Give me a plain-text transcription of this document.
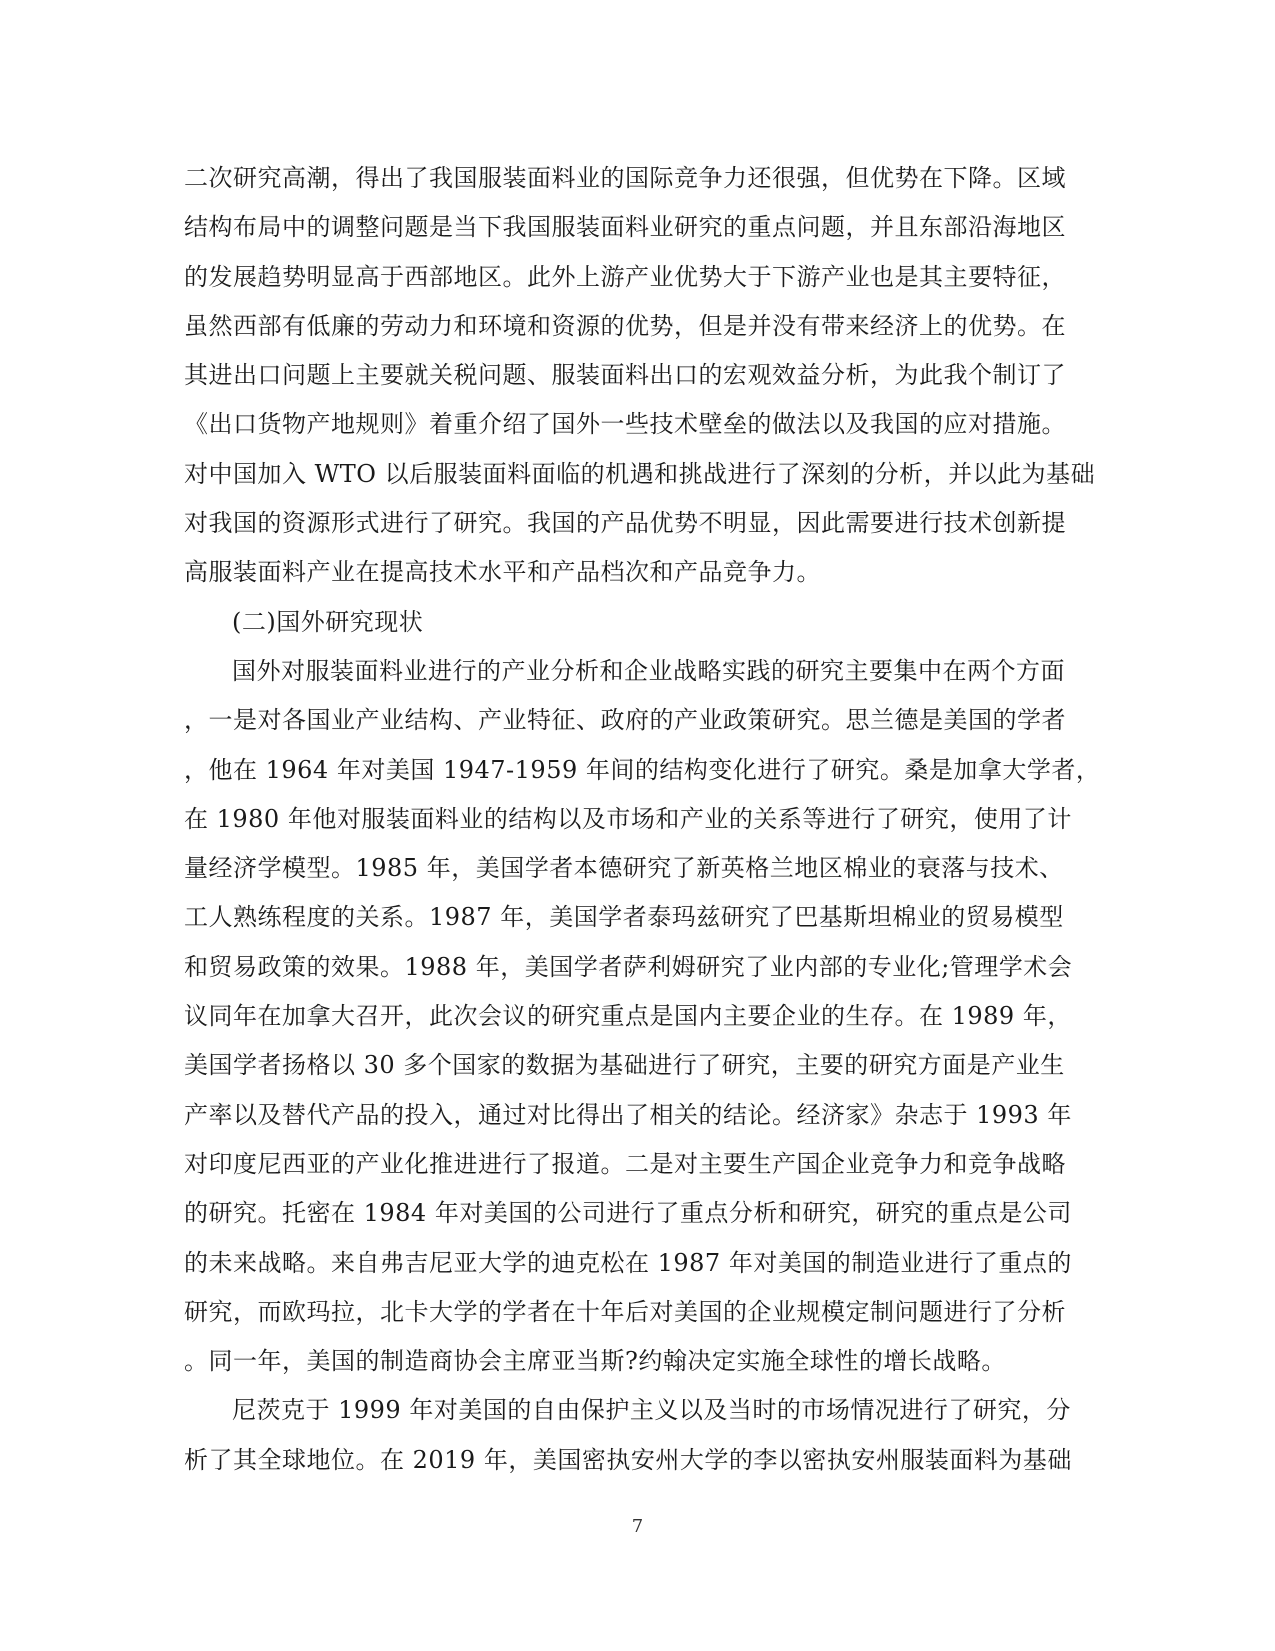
二次研究高潮，得出了我国服装面料业的国际竞争力还很强，但优势在下降。区域
结构布局中的调整问题是当下我国服装面料业研究的重点问题，并且东部沿海地区
的发展趋势明显高于西部地区。此外上游产业优势大于下游产业也是其主要特征，
虽然西部有低廉的劳动力和环境和资源的优势，但是并没有带来经济上的优势。在
其进出口问题上主要就关税问题、服装面料出口的宏观效益分析，为此我个制订了
《出口货物产地规则》着重介绍了国外一些技术壁垒的做法以及我国的应对措施。
对中国加入 WTO 以后服装面料面临的机遇和挑战进行了深刻的分析，并以此为基础
对我国的资源形式进行了研究。我国的产品优势不明显，因此需要进行技术创新提
高服装面料产业在提高技术水平和产品档次和产品竞争力。
(二)国外研究现状
国外对服装面料业进行的产业分析和企业战略实践的研究主要集中在两个方面
，一是对各国业产业结构、产业特征、政府的产业政策研究。思兰德是美国的学者
，他在 1964 年对美国 1947-1959 年间的结构变化进行了研究。桑是加拿大学者，
在 1980 年他对服装面料业的结构以及市场和产业的关系等进行了研究，使用了计
量经济学模型。1985 年，美国学者本德研究了新英格兰地区棉业的衰落与技术、
工人熟练程度的关系。1987 年，美国学者泰玛兹研究了巴基斯坦棉业的贸易模型
和贸易政策的效果。1988 年，美国学者萨利姆研究了业内部的专业化;管理学术会
议同年在加拿大召开，此次会议的研究重点是国内主要企业的生存。在 1989 年，
美国学者扬格以 30 多个国家的数据为基础进行了研究，主要的研究方面是产业生
产率以及替代产品的投入，通过对比得出了相关的结论。经济家》杂志于 1993 年
对印度尼西亚的产业化推进进行了报道。二是对主要生产国企业竞争力和竞争战略
的研究。托密在 1984 年对美国的公司进行了重点分析和研究，研究的重点是公司
的未来战略。来自弗吉尼亚大学的迪克松在 1987 年对美国的制造业进行了重点的
研究，而欧玛拉，北卡大学的学者在十年后对美国的企业规模定制问题进行了分析
。同一年，美国的制造商协会主席亚当斯?约翰决定实施全球性的增长战略。
尼茨克于 1999 年对美国的自由保护主义以及当时的市场情况进行了研究，分
析了其全球地位。在 2019 年，美国密执安州大学的李以密执安州服装面料为基础
7
